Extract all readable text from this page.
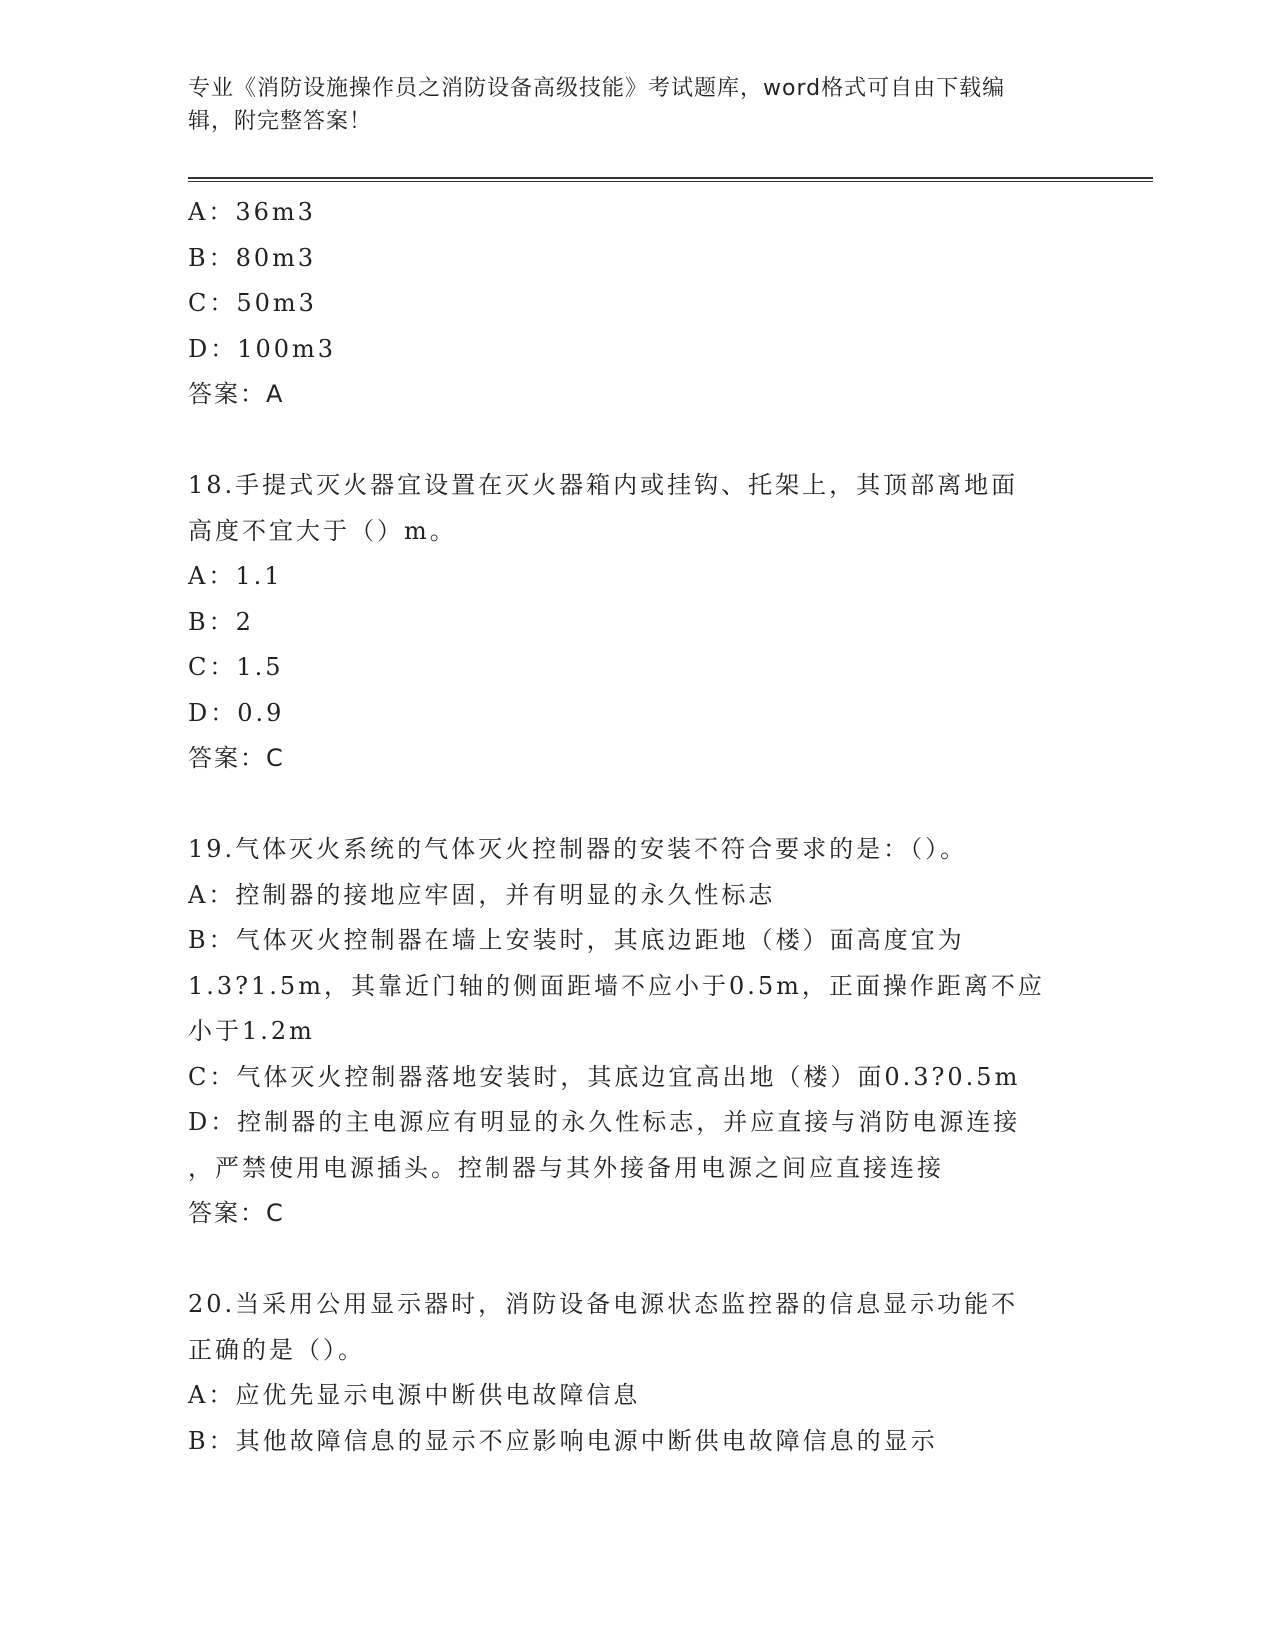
专业《消防设施操作员之消防设备高级技能》考试题库，word格式可自由下载编
辑，附完整答案！
A：36m3
B：80m3
C：50m3
D：100m3
答案：A
18.手提式灭火器宜设置在灭火器箱内或挂钩、托架上，其顶部离地面
高度不宜大于（）m。
A：1.1
B：2
C：1.5
D：0.9
答案：C
19.气体灭火系统的气体灭火控制器的安装不符合要求的是：（）。
A：控制器的接地应牢固，并有明显的永久性标志
B：气体灭火控制器在墙上安装时，其底边距地（楼）面高度宜为
1.3?1.5m，其靠近门轴的侧面距墙不应小于0.5m，正面操作距离不应
小于1.2m
C：气体灭火控制器落地安装时，其底边宜高出地（楼）面0.3?0.5m
D：控制器的主电源应有明显的永久性标志，并应直接与消防电源连接
，严禁使用电源插头。控制器与其外接备用电源之间应直接连接
答案：C
20.当采用公用显示器时，消防设备电源状态监控器的信息显示功能不
正确的是（）。
A：应优先显示电源中断供电故障信息
B：其他故障信息的显示不应影响电源中断供电故障信息的显示
